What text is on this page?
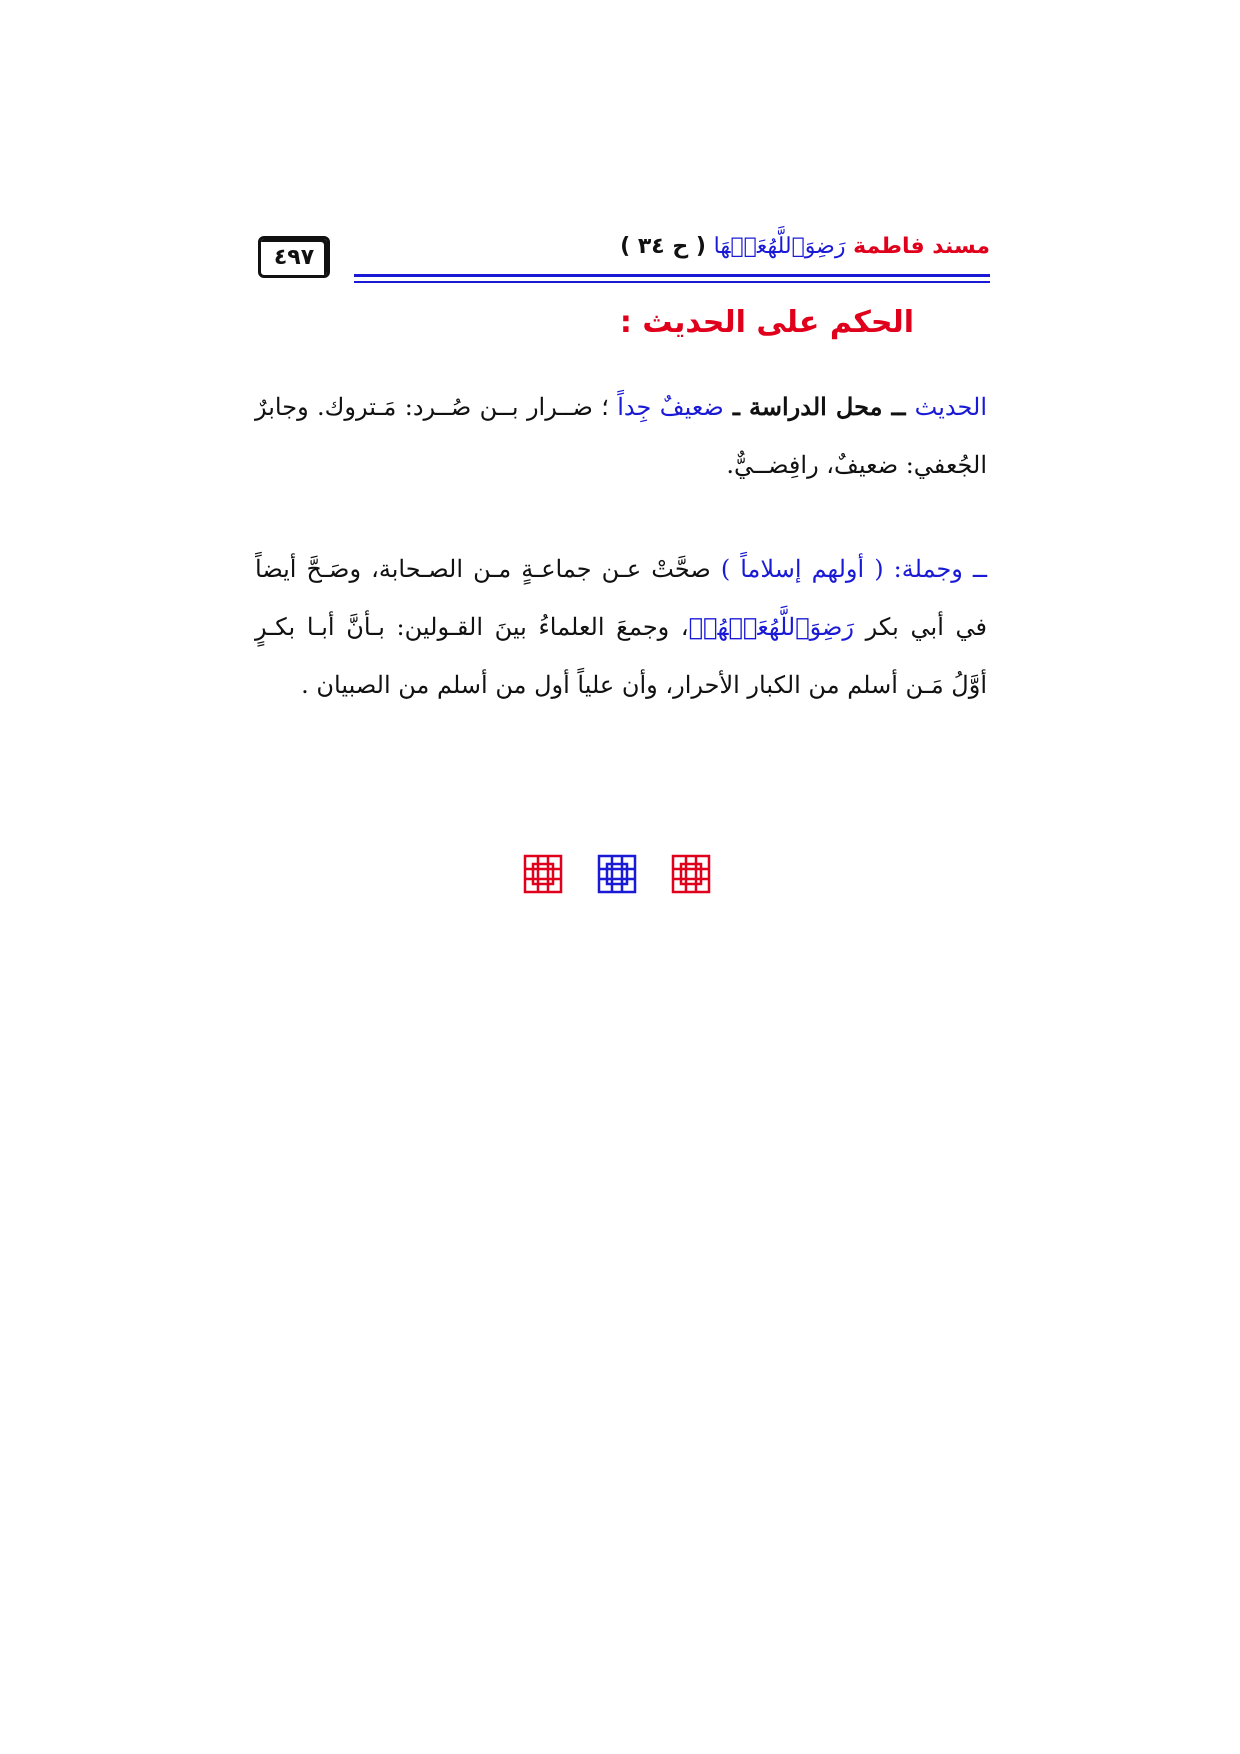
٤٩٧	مسند فاطمة رَضِوَٱللَّهُعَنۡهَا ( ح ٣٤ )
الحكم على الحديث :
الحديث ــ محل الدراسة ـ ضعيفٌ جِداً ؛ ضــرار بــن صُــرد: مَـتروك. وجابرٌ الجُعفي: ضعيفٌ، رافِضــيٌّ.
ــ وجملة: ( أولهم إسلاماً ) صحَّتْ عـن جماعـةٍ مـن الصـحابة، وصَـحَّ أيضاً في أبي بكر رَضِوَٱللَّهُعَنۡهُمۡ، وجمعَ العلماءُ بينَ القـولين: بـأنَّ أبـا بكـرٍ أوَّلُ مَـن أسلم من الكبار الأحرار، وأن علياً أول من أسلم من الصبيان .
